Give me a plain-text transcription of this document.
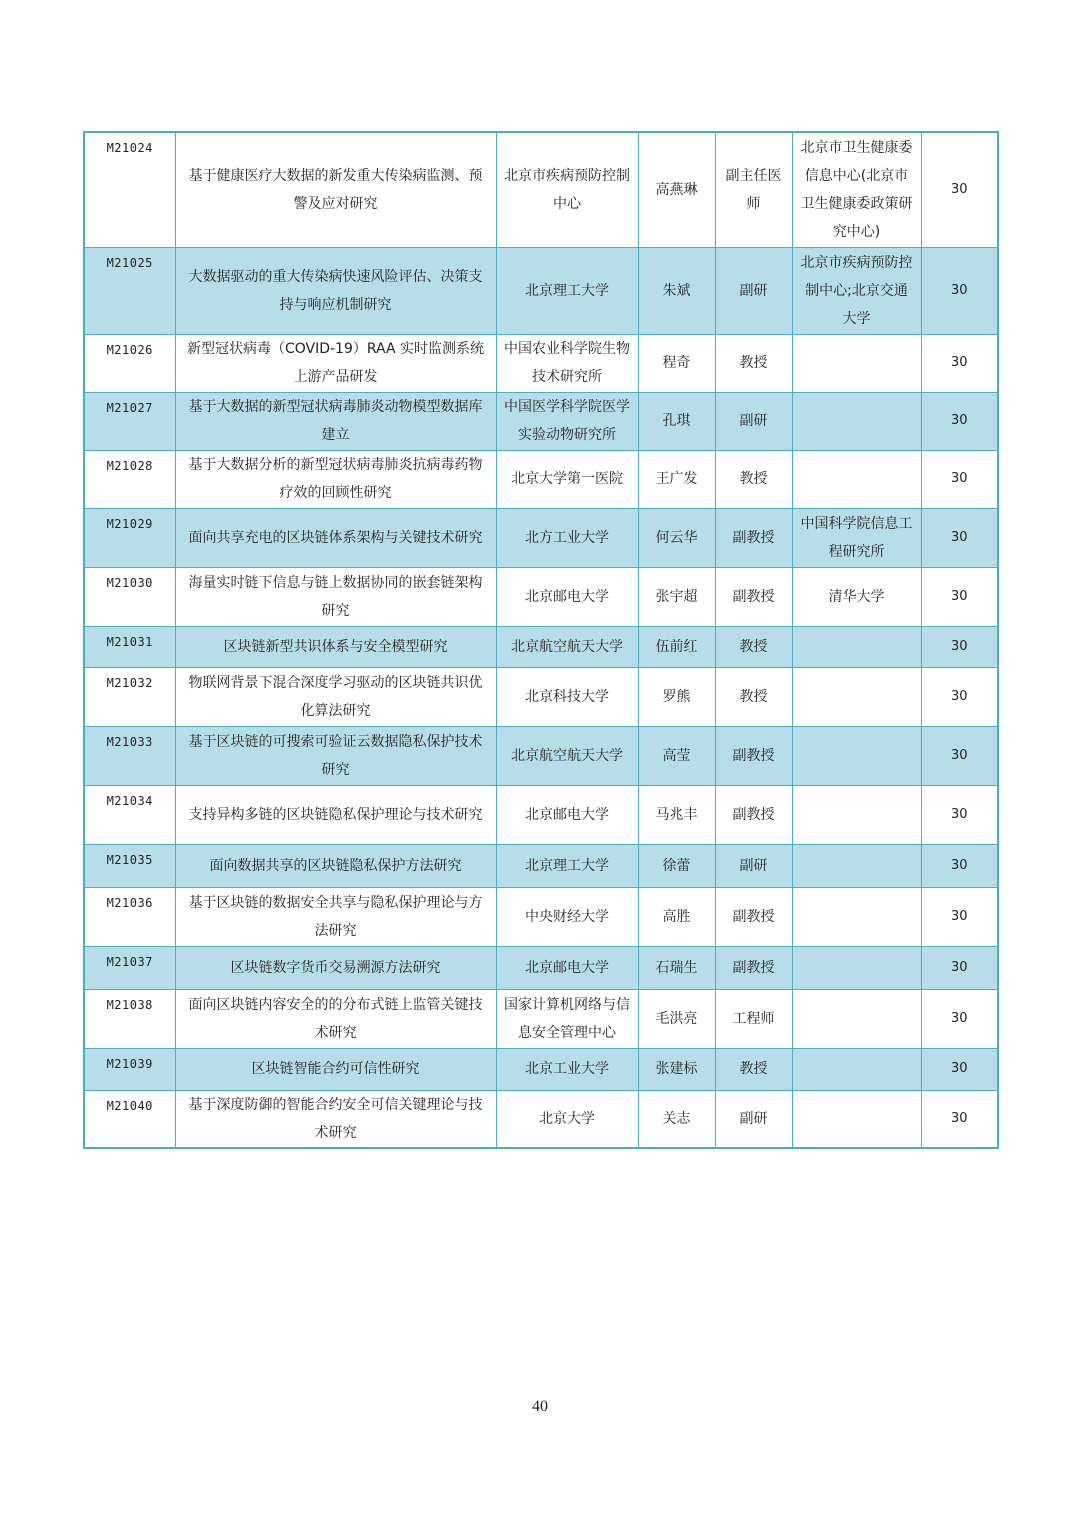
M21024	基于健康医疗大数据的新发重大传染病监测、预警及应对研究	北京市疾病预防控制中心	高燕琳	副主任医师	北京市卫生健康委信息中心(北京市卫生健康委政策研究中心)	30
M21025	大数据驱动的重大传染病快速风险评估、决策支持与响应机制研究	北京理工大学	朱斌	副研	北京市疾病预防控制中心;北京交通大学	30
M21026	新型冠状病毒（COVID-19）RAA 实时监测系统上游产品研发	中国农业科学院生物技术研究所	程奇	教授		30
M21027	基于大数据的新型冠状病毒肺炎动物模型数据库建立	中国医学科学院医学实验动物研究所	孔琪	副研		30
M21028	基于大数据分析的新型冠状病毒肺炎抗病毒药物疗效的回顾性研究	北京大学第一医院	王广发	教授		30
M21029	面向共享充电的区块链体系架构与关键技术研究	北方工业大学	何云华	副教授	中国科学院信息工程研究所	30
M21030	海量实时链下信息与链上数据协同的嵌套链架构研究	北京邮电大学	张宇超	副教授	清华大学	30
M21031	区块链新型共识体系与安全模型研究	北京航空航天大学	伍前红	教授		30
M21032	物联网背景下混合深度学习驱动的区块链共识优化算法研究	北京科技大学	罗熊	教授		30
M21033	基于区块链的可搜索可验证云数据隐私保护技术研究	北京航空航天大学	高莹	副教授		30
M21034	支持异构多链的区块链隐私保护理论与技术研究	北京邮电大学	马兆丰	副教授		30
M21035	面向数据共享的区块链隐私保护方法研究	北京理工大学	徐蕾	副研		30
M21036	基于区块链的数据安全共享与隐私保护理论与方法研究	中央财经大学	高胜	副教授		30
M21037	区块链数字货币交易溯源方法研究	北京邮电大学	石瑞生	副教授		30
M21038	面向区块链内容安全的的分布式链上监管关键技术研究	国家计算机网络与信息安全管理中心	毛洪亮	工程师		30
M21039	区块链智能合约可信性研究	北京工业大学	张建标	教授		30
M21040	基于深度防御的智能合约安全可信关键理论与技术研究	北京大学	关志	副研		30
40
